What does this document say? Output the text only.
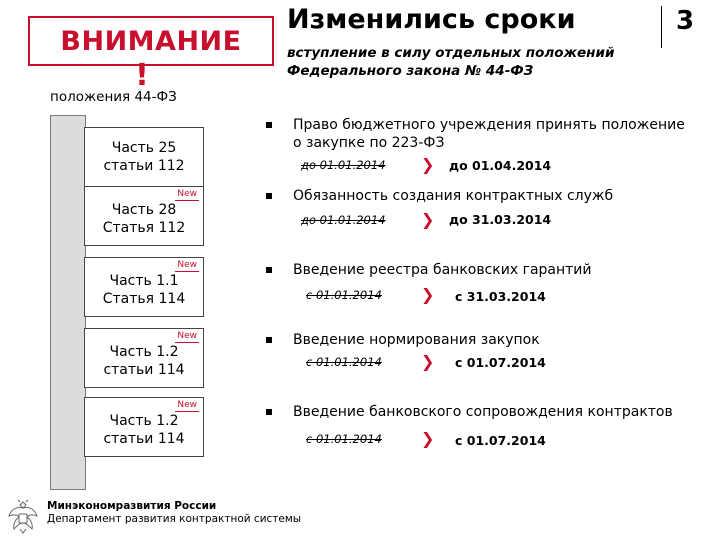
ВНИМАНИЕ
!
Изменились сроки
вступление в силу отдельных положений Федерального закона № 44-ФЗ
3
положения 44-ФЗ
Часть 25
статьи 112
New
Часть 28
Статья 112
New
Часть 1.1
Статья 114
New
Часть 1.2
статьи 114
New
Часть 1.2
статьи 114
Право бюджетного учреждения принять положение о закупке по 223-ФЗ
до 01.01.2014 ❯ до 01.04.2014
Обязанность создания контрактных служб
до 01.01.2014 ❯ до 31.03.2014
Введение реестра банковских гарантий
с 01.01.2014 ❯ с 31.03.2014
Введение нормирования закупок
с 01.01.2014 ❯ с 01.07.2014
Введение банковского сопровождения контрактов
с 01.01.2014 ❯ с 01.07.2014
Минэкономразвития России
Департамент развития контрактной системы
